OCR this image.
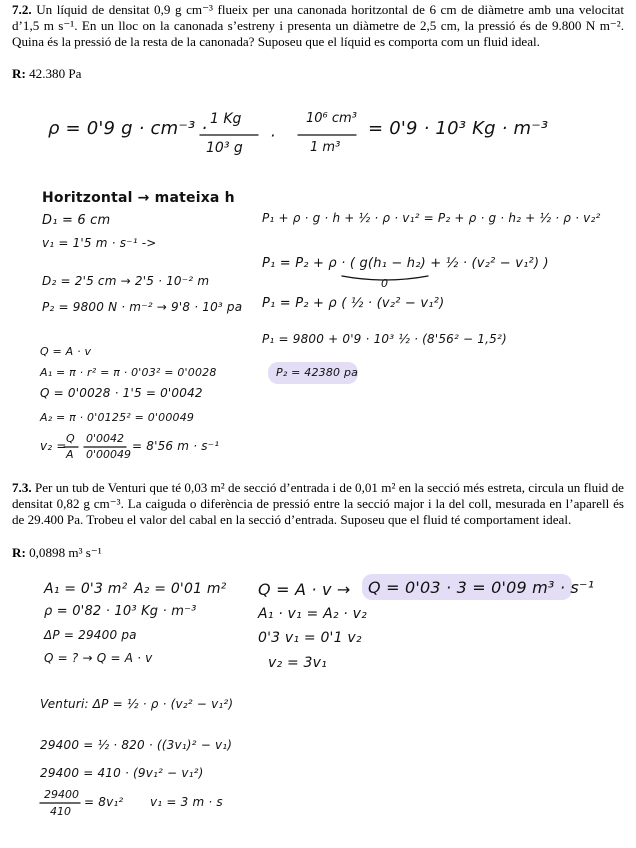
7.2. Un líquid de densitat 0,9 g cm⁻³ flueix per una canonada horitzontal de 6 cm de diàmetre amb una velocitat d’1,5 m s⁻¹. En un lloc on la canonada s’estreny i presenta un diàmetre de 2,5 cm, la pressió és de 9.800 N m⁻². Quina és la pressió de la resta de la canonada? Suposeu que el líquid es comporta com un fluid ideal.

R: 42.380 Pa

ρ = 0'9 g · cm⁻³ · 1 Kg
10³ g
·
10⁶ cm³
1 m³
= 0'9 · 10³ Kg · m⁻³
Horitzontal → mateixa h
D₁ = 6 cm
v₁ = 1'5 m · s⁻¹ ->
D₂ = 2'5 cm → 2'5 · 10⁻² m
P₂ = 9800 N · m⁻² → 9'8 · 10³ pa
P₁ + ρ · g · h + ½ · ρ · v₁² = P₂ + ρ · g · h₂ + ½ · ρ · v₂²
P₁ = P₂ + ρ · ( g(h₁ − h₂) + ½ · (v₂² − v₁²) )
0
P₁ = P₂ + ρ ( ½ · (v₂² − v₁²)
P₁ = 9800 + 0'9 · 10³ ½ · (8'56² − 1,5²)
P₂ = 42380 pa
Q = A · v
A₁ = π · r² = π · 0'03² = 0'0028
Q = 0'0028 · 1'5 = 0'0042
A₂ = π · 0'0125² = 0'00049
v₂ =
Q
A
0'0042
0'00049
= 8'56 m · s⁻¹

7.3. Per un tub de Venturi que té 0,03 m² de secció d’entrada i de 0,01 m² en la secció més estreta, circula un fluid de densitat 0,82 g cm⁻³. La caiguda o diferència de pressió entre la secció major i la del coll, mesurada en l’aparell és de 29.400 Pa. Trobeu el valor del cabal en la secció d’entrada. Suposeu que el fluid té comportament ideal.

R: 0,0898 m³ s⁻¹

A₁ = 0'3 m² A₂ = 0'01 m²
ρ = 0'82 · 10³ Kg · m⁻³
ΔP = 29400 pa
Q = ? → Q = A · v
Q = A · v → Q = 0'03 · 3 = 0'09 m³ · s⁻¹
A₁ · v₁ = A₂ · v₂
0'3 v₁ = 0'1 v₂
v₂ = 3v₁
Venturi: ΔP = ½ · ρ · (v₂² − v₁²)
29400 = ½ · 820 · ((3v₁)² − v₁)
29400 = 410 · (9v₁² − v₁²)
29400
410
= 8v₁² v₁ = 3 m · s
